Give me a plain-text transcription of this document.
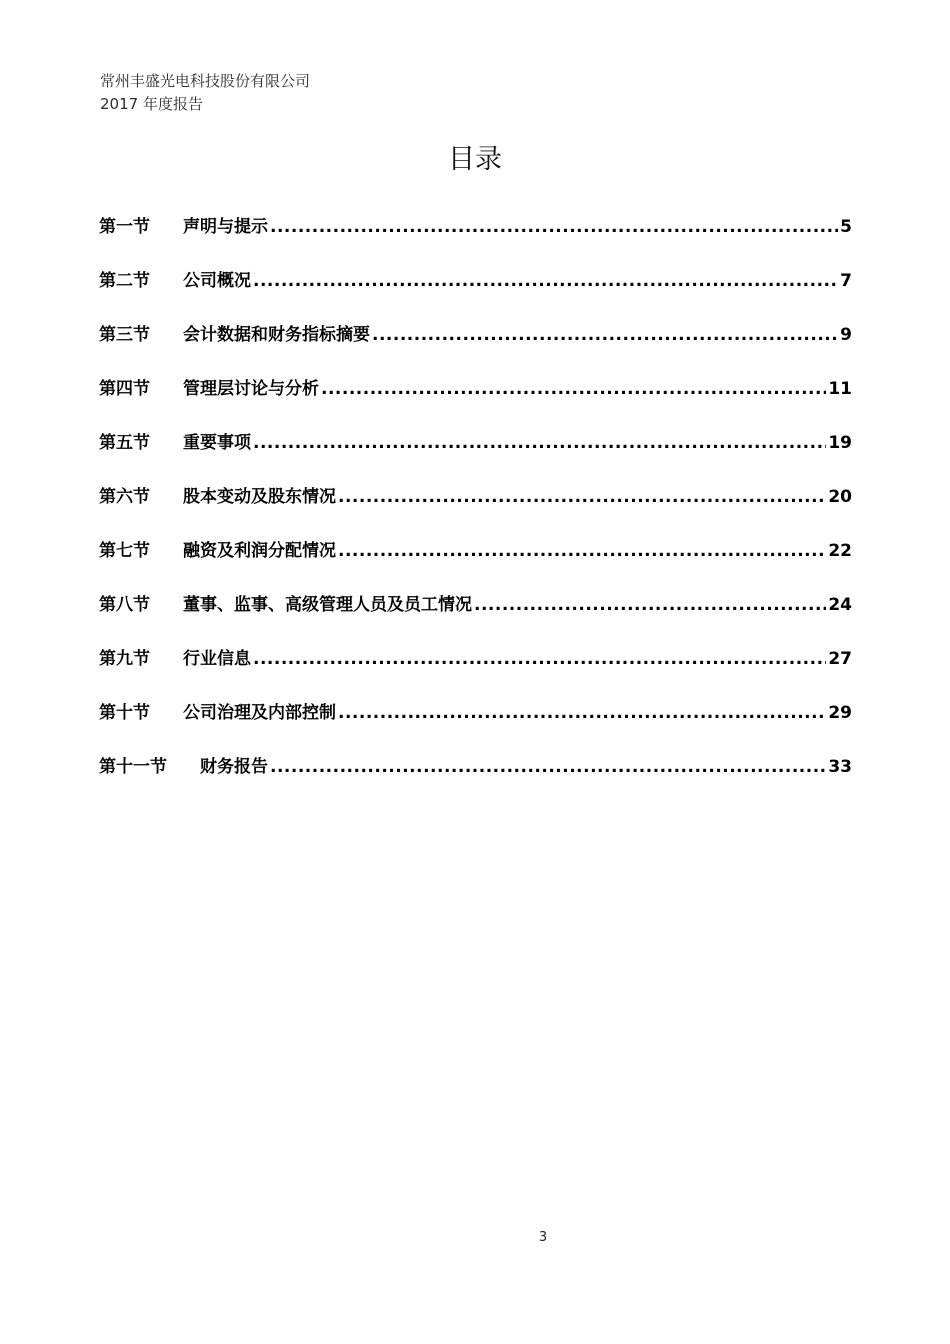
常州丰盛光电科技股份有限公司
2017 年度报告
目录
第一节	声明与提示 .....	5
第二节	公司概况 .....	7
第三节	会计数据和财务指标摘要 .....	9
第四节	管理层讨论与分析 .....	11
第五节	重要事项 .....	19
第六节	股本变动及股东情况 .....	20
第七节	融资及利润分配情况 .....	22
第八节	董事、监事、高级管理人员及员工情况 .....	24
第九节	行业信息 .....	27
第十节	公司治理及内部控制 .....	29
第十一节	财务报告 .....	33
3
